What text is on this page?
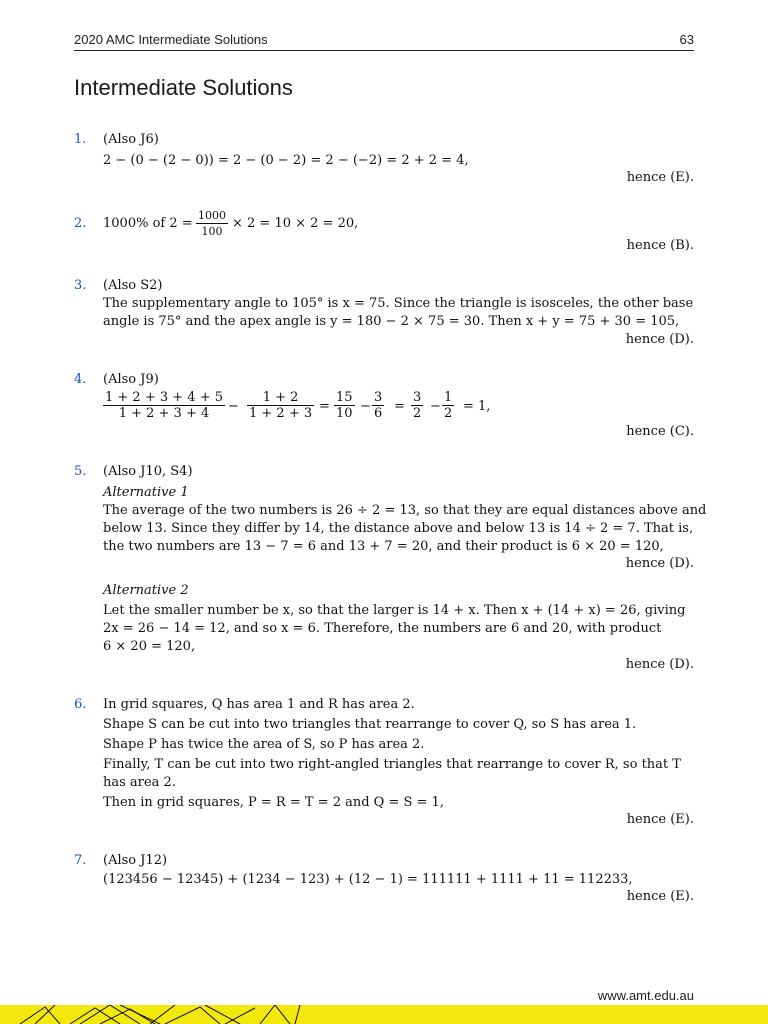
2020 AMC Intermediate Solutions	63
Intermediate Solutions
1. (Also J6)
2 − (0 − (2 − 0)) = 2 − (0 − 2) = 2 − (−2) = 2 + 2 = 4,
hence (E).
2. 1000% of $2 = \frac{1000}{100} \times 2 = 10 \times 2 = 20$,
hence (B).
3. (Also S2)
The supplementary angle to 105° is x = 75. Since the triangle is isosceles, the other base
angle is 75° and the apex angle is y = 180 − 2 × 75 = 30. Then x + y = 75 + 30 = 105,
hence (D).
4. (Also J9)
$\frac{1 + 2 + 3 + 4 + 5}{1 + 2 + 3 + 4} - \frac{1 + 2}{1 + 2 + 3} = \frac{15}{10} - \frac{3}{6} = \frac{3}{2} - \frac{1}{2} = 1$,
hence (C).
5. (Also J10, S4)
Alternative 1
The average of the two numbers is 26 ÷ 2 = 13, so that they are equal distances above and
below 13. Since they differ by 14, the distance above and below 13 is 14 ÷ 2 = 7. That is,
the two numbers are 13 − 7 = 6 and 13 + 7 = 20, and their product is 6 × 20 = 120,
hence (D).
Alternative 2
Let the smaller number be x, so that the larger is 14 + x. Then x + (14 + x) = 26, giving
2x = 26 − 14 = 12, and so x = 6. Therefore, the numbers are 6 and 20, with product
6 × 20 = 120,
hence (D).
6. In grid squares, Q has area 1 and R has area 2.
Shape S can be cut into two triangles that rearrange to cover Q, so S has area 1.
Shape P has twice the area of S, so P has area 2.
Finally, T can be cut into two right-angled triangles that rearrange to cover R, so that T
has area 2.
Then in grid squares, P = R = T = 2 and Q = S = 1,
hence (E).
7. (Also J12)
(123456 − 12345) + (1234 − 123) + (12 − 1) = 111111 + 1111 + 11 = 112233,
hence (E).
www.amt.edu.au
